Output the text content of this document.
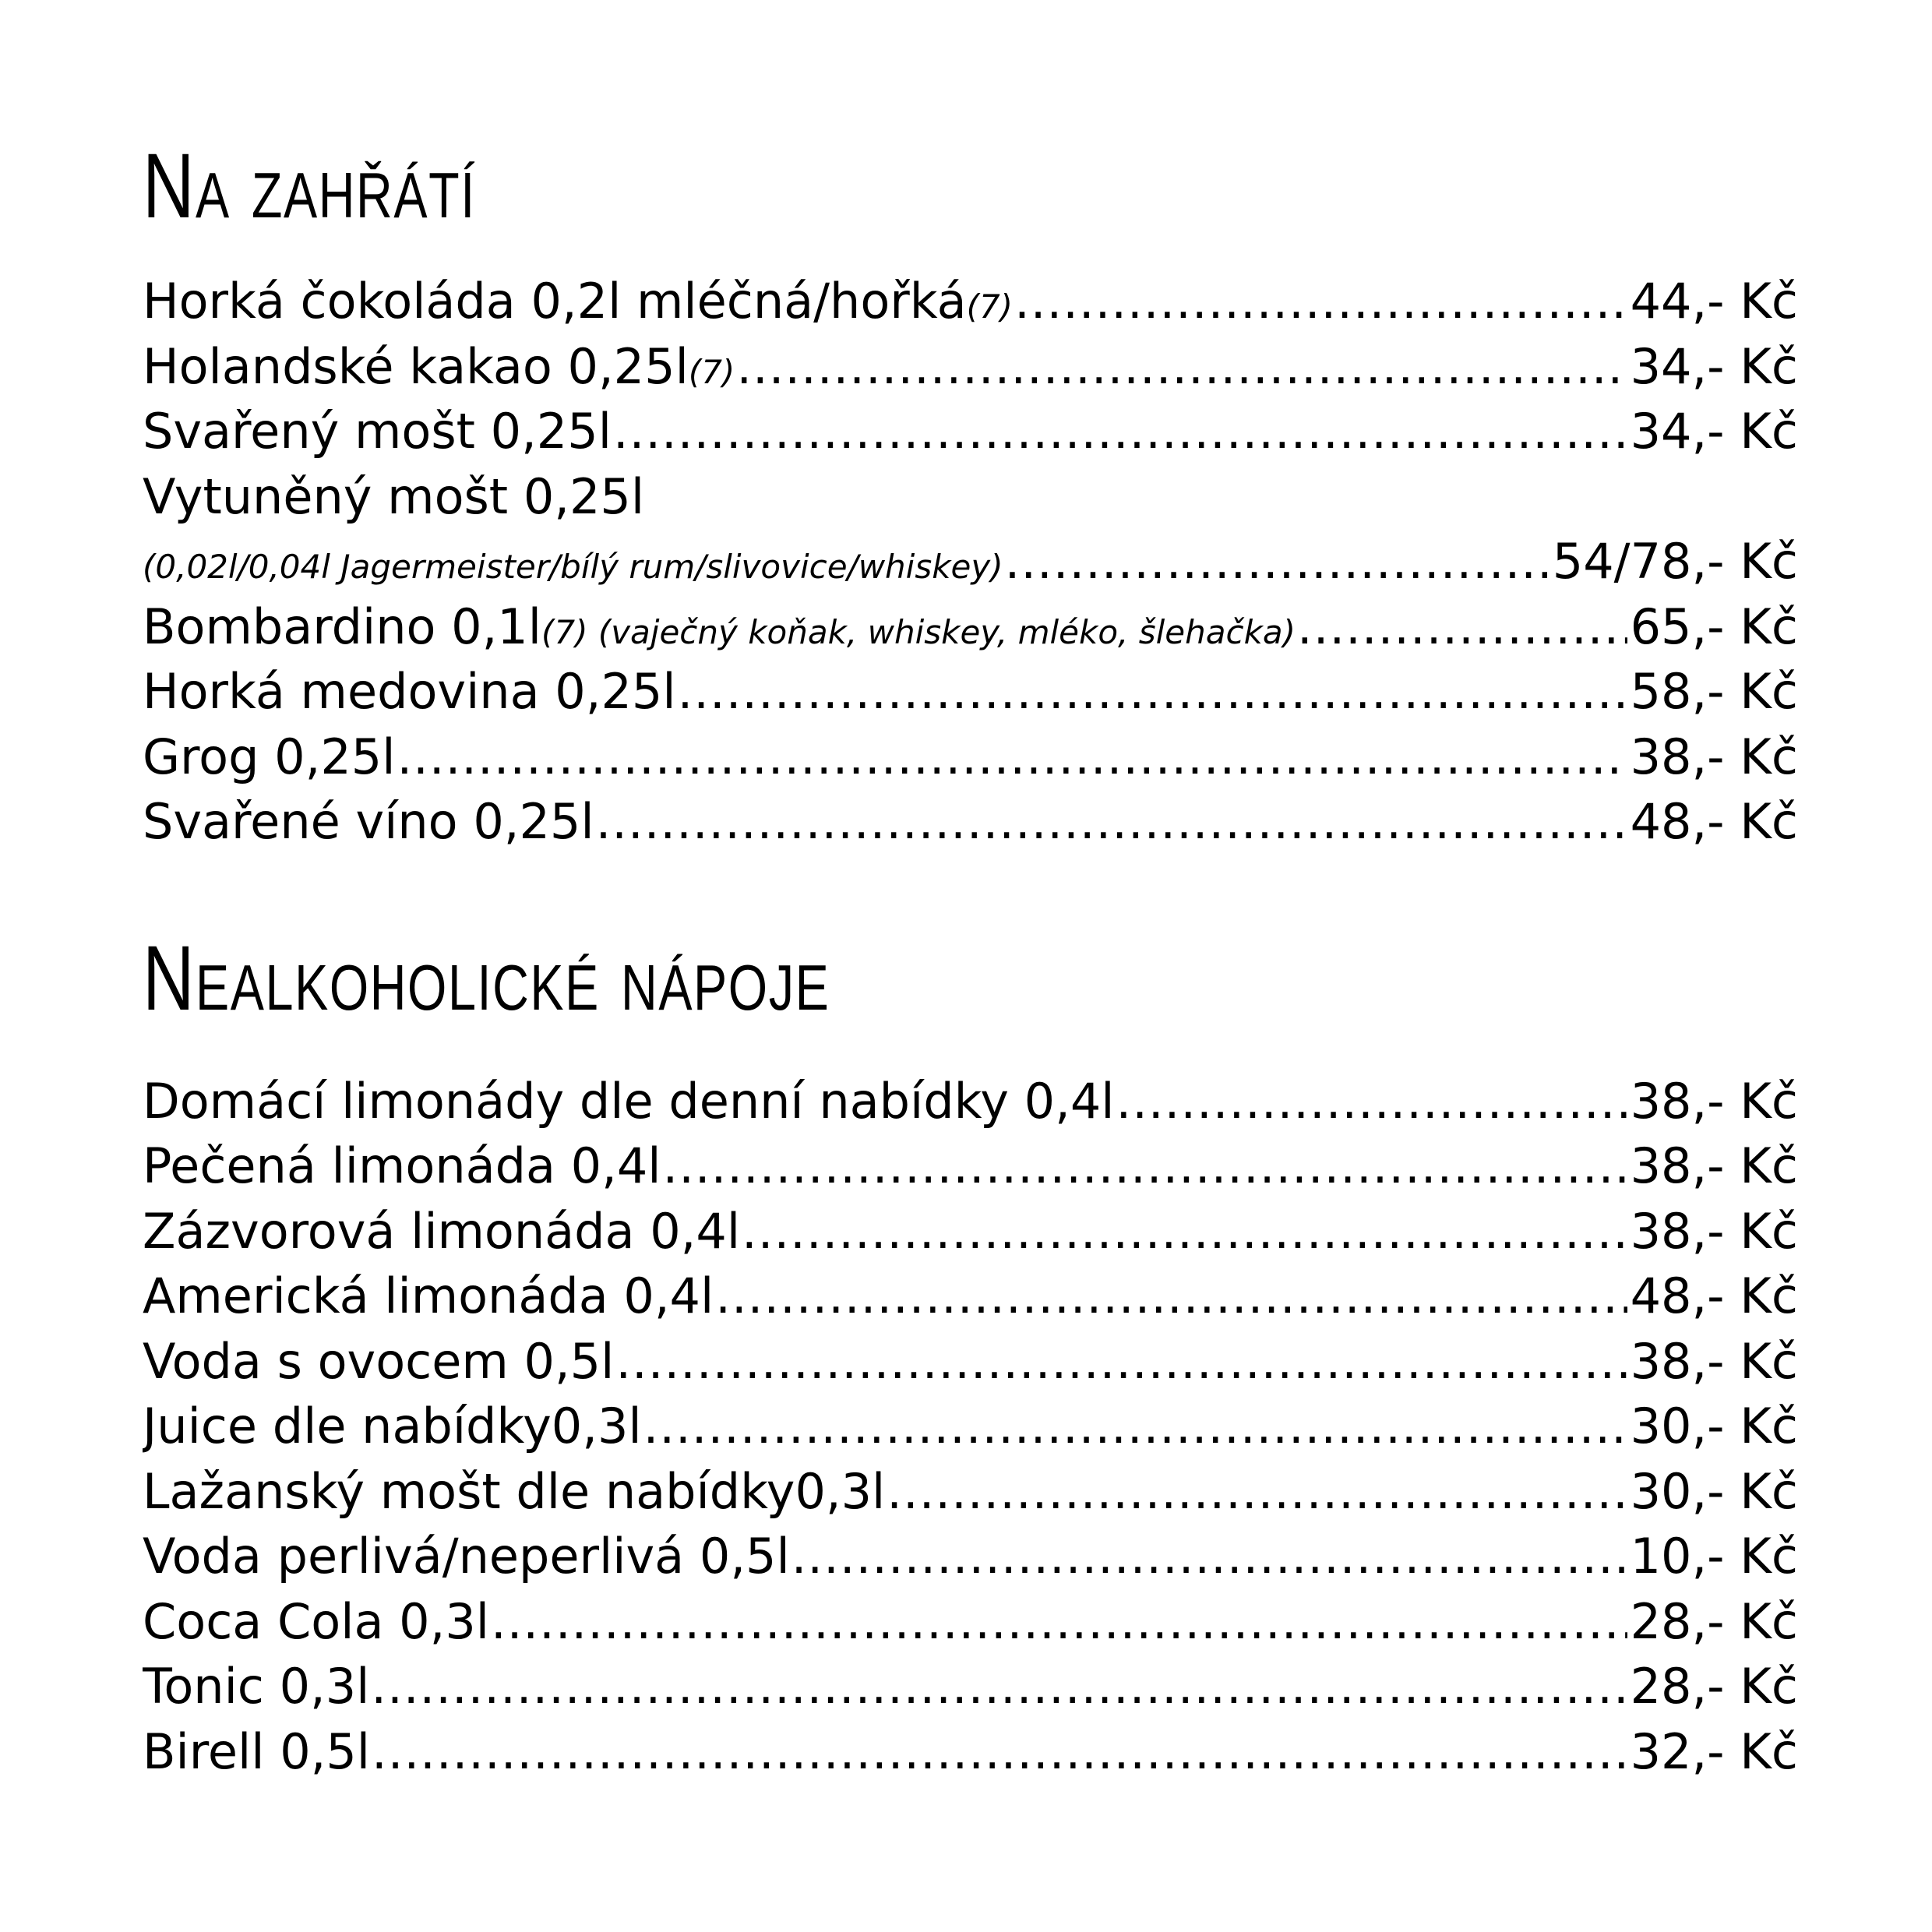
Na zahřátí
Horká čokoláda 0,2l mléčná/hořká (7) .....	44,- Kč
Holandské kakao 0,25l (7) .....	34,- Kč
Svařený mošt 0,25l .....	34,- Kč
Vytuněný mošt 0,25l
(0,02l/0,04l Jagermeister/bílý rum/slivovice/whiskey) .....	54/78,- Kč
Bombardino 0,1l (7) (vaječný koňak, whiskey, mléko, šlehačka) .....	65,- Kč
Horká medovina 0,25l .....	58,- Kč
Grog 0,25l .....	38,- Kč
Svařené víno 0,25l .....	48,- Kč
Nealkoholické nápoje
Domácí limonády dle denní nabídky 0,4l .....	38,- Kč
Pečená limonáda 0,4l .....	38,- Kč
Zázvorová limonáda 0,4l .....	38,- Kč
Americká limonáda 0,4l .....	48,- Kč
Voda s ovocem 0,5l .....	38,- Kč
Juice dle nabídky0,3l .....	30,- Kč
Lažanský mošt dle nabídky0,3l .....	30,- Kč
Voda perlivá/neperlivá 0,5l .....	10,- Kč
Coca Cola 0,3l .....	28,- Kč
Tonic 0,3l .....	28,- Kč
Birell 0,5l .....	32,- Kč
